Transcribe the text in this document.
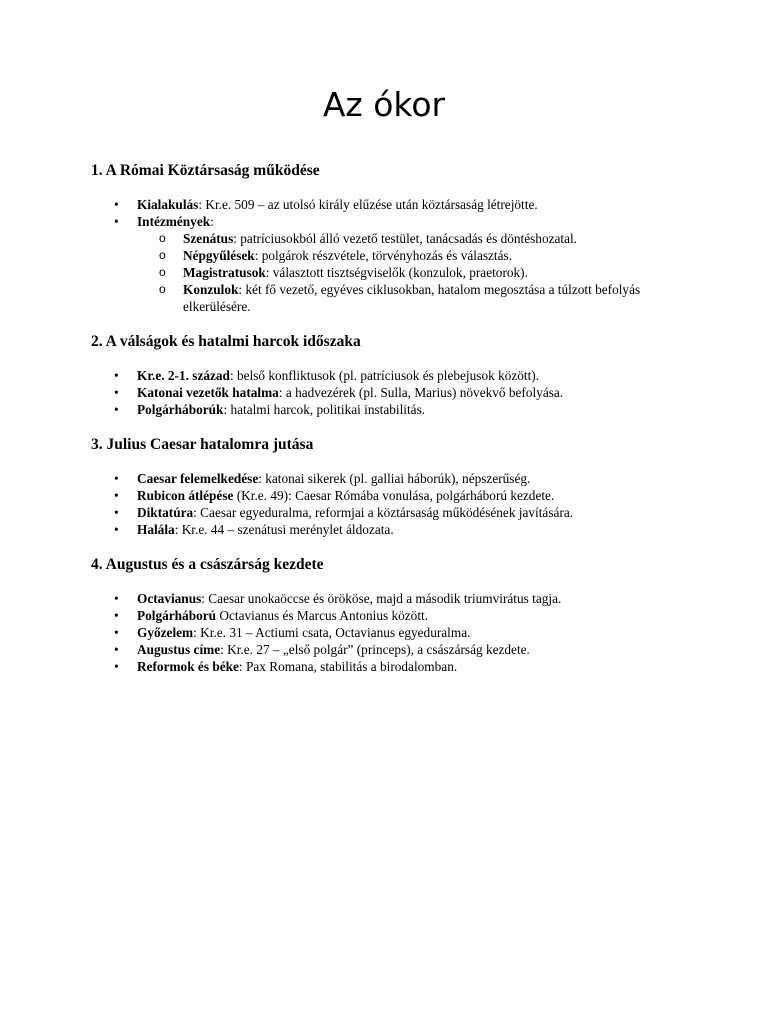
Az ókor
1. A Római Köztársaság működése
• Kialakulás: Kr.e. 509 – az utolsó király elűzése után köztársaság létrejötte.
• Intézmények:
o Szenátus: patríciusokból álló vezető testület, tanácsadás és döntéshozatal.
o Népgyűlések: polgárok részvétele, törvényhozás és választás.
o Magistratusok: választott tisztségviselők (konzulok, praetorok).
o Konzulok: két fő vezető, egyéves ciklusokban, hatalom megosztása a túlzott befolyás elkerülésére.
2. A válságok és hatalmi harcok időszaka
• Kr.e. 2-1. század: belső konfliktusok (pl. patríciusok és plebejusok között).
• Katonai vezetők hatalma: a hadvezérek (pl. Sulla, Marius) növekvő befolyása.
• Polgárháborúk: hatalmi harcok, politikai instabilitás.
3. Julius Caesar hatalomra jutása
• Caesar felemelkedése: katonai sikerek (pl. galliai háborúk), népszerűség.
• Rubicon átlépése (Kr.e. 49): Caesar Rómába vonulása, polgárháború kezdete.
• Diktatúra: Caesar egyeduralma, reformjai a köztársaság működésének javítására.
• Halála: Kr.e. 44 – szenátusi merénylet áldozata.
4. Augustus és a császárság kezdete
• Octavianus: Caesar unokaöccse és örököse, majd a második triumvirátus tagja.
• Polgárháború Octavianus és Marcus Antonius között.
• Győzelem: Kr.e. 31 – Actiumi csata, Octavianus egyeduralma.
• Augustus címe: Kr.e. 27 – „első polgár” (princeps), a császárság kezdete.
• Reformok és béke: Pax Romana, stabilitás a birodalomban.
